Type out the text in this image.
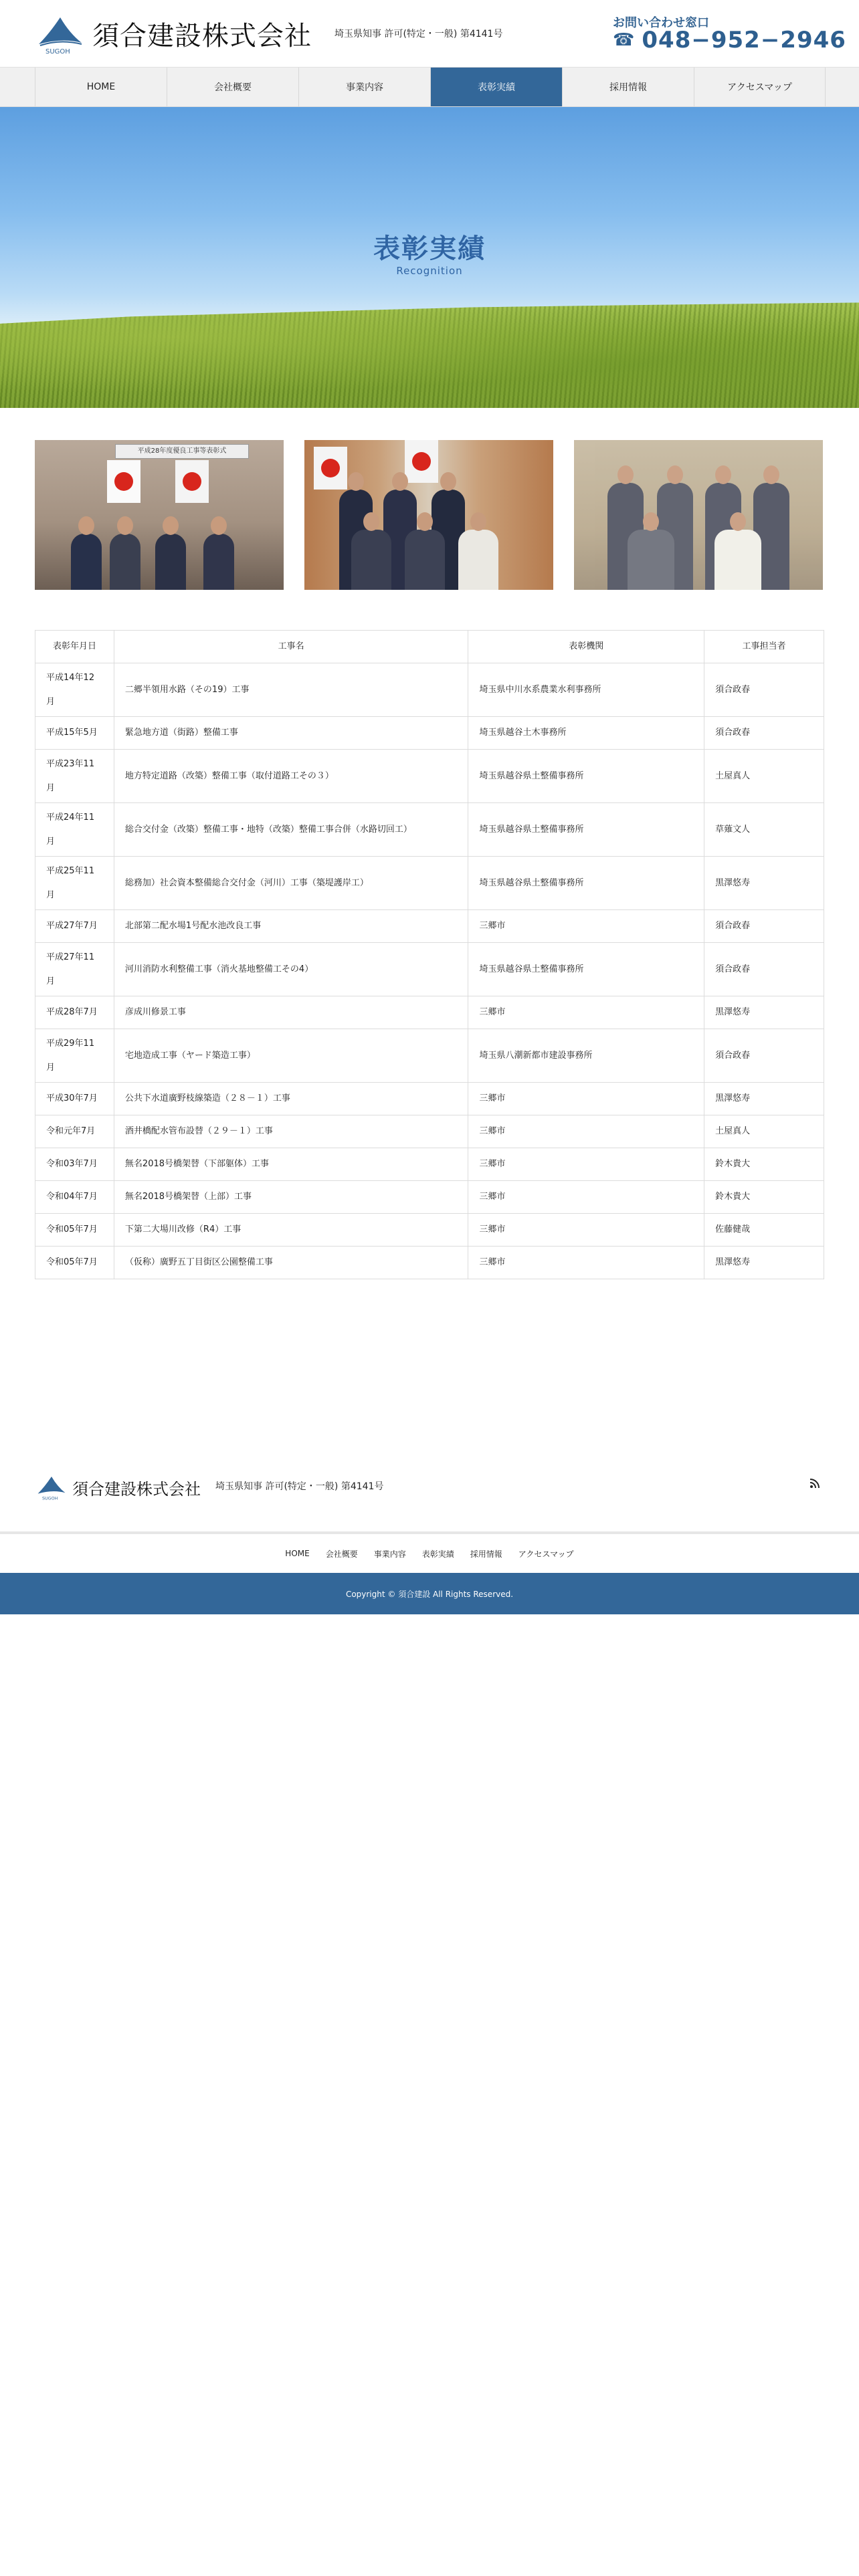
SUGOH
須合建設株式会社 埼玉県知事 許可(特定・一般) 第4141号
お問い合わせ窓口
☎ 048−952−2946
HOME	会社概要	事業内容	表彰実績	採用情報	アクセスマップ
表彰実績
Recognition
平成28年度優良工事等表彰式
表彰年月日	工事名	表彰機関	工事担当者
平成14年12月	二郷半領用水路（その19）工事	埼玉県中川水系農業水利事務所	須合政春
平成15年5月	緊急地方道（街路）整備工事	埼玉県越谷土木事務所	須合政春
平成23年11月	地方特定道路（改築）整備工事（取付道路工その３）	埼玉県越谷県土整備事務所	土屋真人
平成24年11月	総合交付金（改築）整備工事・地特（改築）整備工事合併（水路切回工）	埼玉県越谷県土整備事務所	草薙文人
平成25年11月	総務加）社会資本整備総合交付金（河川）工事（築堤護岸工）	埼玉県越谷県土整備事務所	黒澤悠寿
平成27年7月	北部第二配水場1号配水池改良工事	三郷市	須合政春
平成27年11月	河川消防水利整備工事（消火基地整備工その4）	埼玉県越谷県土整備事務所	須合政春
平成28年7月	彦成川修景工事	三郷市	黒澤悠寿
平成29年11月	宅地造成工事（ヤード築造工事）	埼玉県八潮新都市建設事務所	須合政春
平成30年7月	公共下水道廣野枝線築造（２８－１）工事	三郷市	黒澤悠寿
令和元年7月	酒井橋配水管布設替（２９－１）工事	三郷市	土屋真人
令和03年7月	無名2018号橋架替（下部躯体）工事	三郷市	鈴木貴大
令和04年7月	無名2018号橋架替（上部）工事	三郷市	鈴木貴大
令和05年7月	下第二大場川改修（R4）工事	三郷市	佐藤健哉
令和05年7月	（仮称）廣野五丁目街区公園整備工事	三郷市	黒澤悠寿
SUGOH
須合建設株式会社 埼玉県知事 許可(特定・一般) 第4141号
HOME 会社概要 事業内容 表彰実績 採用情報 アクセスマップ
Copyright © 須合建設 All Rights Reserved.
